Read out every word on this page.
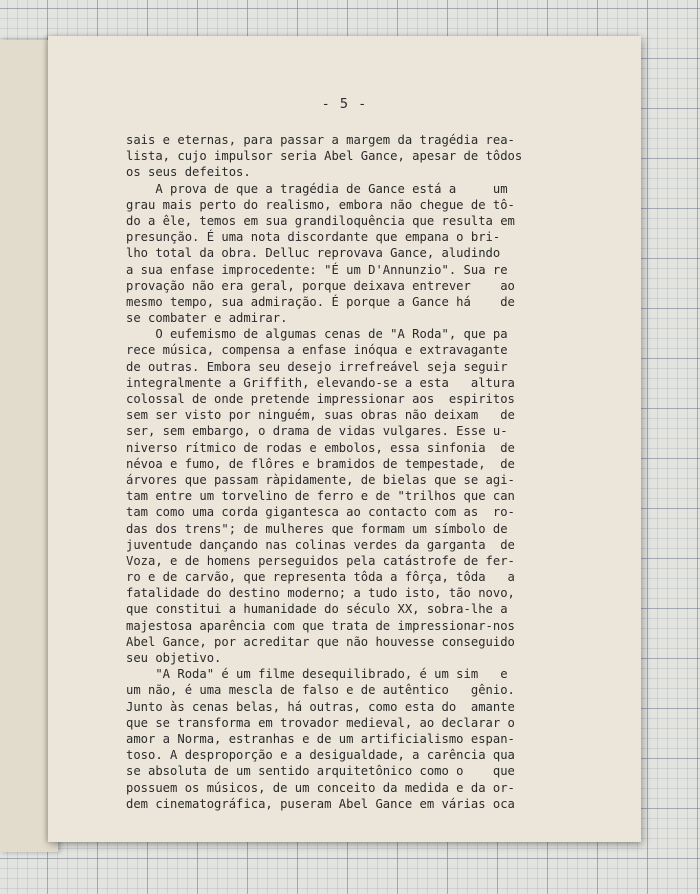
- 5 -
sais e eternas, para passar a margem da tragédia rea-
lista, cujo impulsor seria Abel Gance, apesar de tôdos
os seus defeitos.
A prova de que a tragédia de Gance está a     um
grau mais perto do realismo, embora não chegue de tô-
do a êle, temos em sua grandiloquência que resulta em
presunção. É uma nota discordante que empana o bri-
lho total da obra. Delluc reprovava Gance, aludindo
a sua enfase improcedente: "É um D'Annunzio". Sua re
provação não era geral, porque deixava entrever    ao
mesmo tempo, sua admiração. É porque a Gance há    de
se combater e admirar.
O eufemismo de algumas cenas de "A Roda", que pa
rece música, compensa a enfase inóqua e extravagante
de outras. Embora seu desejo irrefreável seja seguir
integralmente a Griffith, elevando-se a esta   altura
colossal de onde pretende impressionar aos  espiritos
sem ser visto por ninguém, suas obras não deixam   de
ser, sem embargo, o drama de vidas vulgares. Esse u-
niverso rítmico de rodas e embolos, essa sinfonia  de
névoa e fumo, de flôres e bramidos de tempestade,  de
árvores que passam ràpidamente, de bielas que se agi-
tam entre um torvelino de ferro e de "trilhos que can
tam como uma corda gigantesca ao contacto com as  ro-
das dos trens"; de mulheres que formam um símbolo de
juventude dançando nas colinas verdes da garganta  de
Voza, e de homens perseguidos pela catástrofe de fer-
ro e de carvão, que representa tôda a fôrça, tôda   a
fatalidade do destino moderno; a tudo isto, tão novo,
que constitui a humanidade do século XX, sobra-lhe a
majestosa aparência com que trata de impressionar-nos
Abel Gance, por acreditar que não houvesse conseguido
seu objetivo.
"A Roda" é um filme desequilibrado, é um sim   e
um não, é uma mescla de falso e de autêntico   gênio.
Junto às cenas belas, há outras, como esta do  amante
que se transforma em trovador medieval, ao declarar o
amor a Norma, estranhas e de um artificialismo espan-
toso. A desproporção e a desigualdade, a carência qua
se absoluta de um sentido arquitetônico como o    que
possuem os músicos, de um conceito da medida e da or-
dem cinematográfica, puseram Abel Gance em várias oca
